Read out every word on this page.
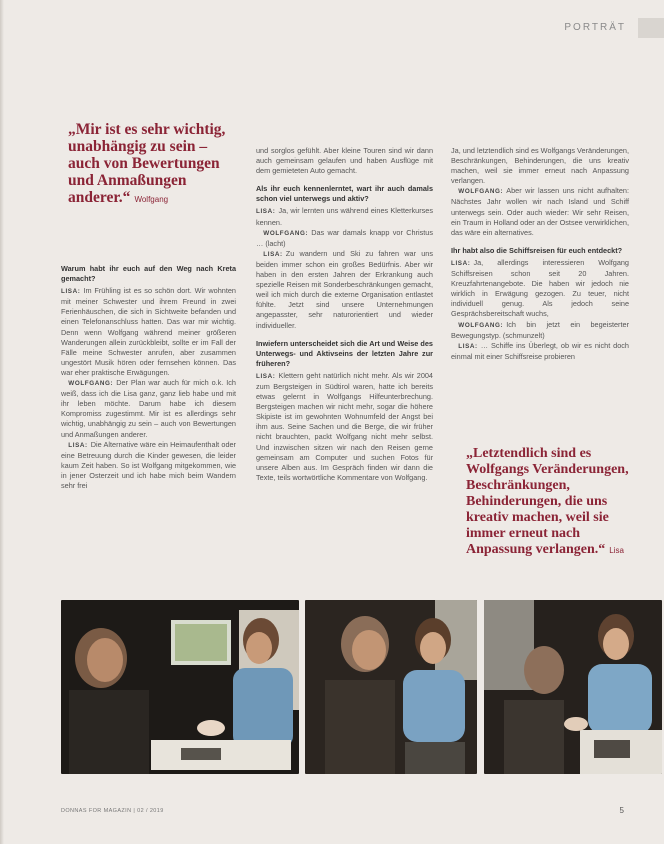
PORTRÄT
„Mir ist es sehr wichtig, unabhängig zu sein – auch von Bewertungen und Anmaßungen anderer.“ Wolfgang
Warum habt ihr euch auf den Weg nach Kreta gemacht?

LISA: Im Frühling ist es so schön dort. Wir wohnten mit meiner Schwester und ihrem Freund in zwei Ferienhäuschen, die sich in Sichtweite befanden und einen Telefonanschluss hatten. Das war mir wichtig. Denn wenn Wolfgang während meiner größeren Wanderungen allein zurückbleibt, sollte er im Fall der Fälle meine Schwester anrufen, aber zusammen ungestört Musik hören oder fernsehen können. Das war eher praktische Erwägungen.

 WOLFGANG: Der Plan war auch für mich o.k. Ich weiß, dass ich die Lisa ganz, ganz lieb habe und mit ihr leben möchte. Darum habe ich diesem Kompromiss zugestimmt. Mir ist es allerdings sehr wichtig, unabhängig zu sein – auch von Bewertungen und Anmaßungen anderer.

 LISA: Die Alternative wäre ein Heimaufenthalt oder eine Betreuung durch die Kinder gewesen, die leider kaum Zeit haben. So ist Wolfgang mitgekommen, wie in jener Osterzeit und ich habe mich beim Wandern sehr frei

und sorglos gefühlt. Aber kleine Touren sind wir dann auch gemeinsam gelaufen und haben Ausflüge mit dem gemieteten Auto gemacht.

Als ihr euch kennenlerntet, wart ihr auch damals schon viel unterwegs und aktiv?

LISA: Ja, wir lernten uns während eines Kletterkurses kennen.

 WOLFGANG: Das war damals knapp vor Christus … (lacht)

 LISA: Zu wandern und Ski zu fahren war uns beiden immer schon ein großes Bedürfnis. Aber wir haben in den ersten Jahren der Erkrankung auch spezielle Reisen mit Sonderbeschränkungen gemacht, weil ich mich durch die externe Organisation entlastet fühlte. Jetzt sind unsere Unternehmungen angepasster, sehr naturorientiert und wieder individueller.

Inwiefern unterscheidet sich die Art und Weise des Unterwegs- und Aktivseins der letzten Jahre zur früheren?

LISA: Klettern geht natürlich nicht mehr. Als wir 2004 zum Bergsteigen in Südtirol waren, hatte ich bereits etwas gelernt in Wolfgangs Hilfeunterbrechung. Bergsteigen machen wir nicht mehr, sogar die höhere Skipiste ist im gewohnten Wohnumfeld der Angst bei ihm aus. Seine Sachen und die Berge, die wir früher nicht brauchten, packt Wolfgang nicht mehr selbst. Und inzwischen sitzen wir nach den Reisen gerne gemeinsam am Computer und suchen Fotos für unsere Alben aus. Im Gespräch finden wir dann die Texte, teils wortwörtliche Kommentare von Wolfgang.

Ja, und letztendlich sind es Wolfgangs Veränderungen, Beschränkungen, Behinderungen, die uns kreativ machen, weil sie immer erneut nach Anpassung verlangen.

 WOLFGANG: Aber wir lassen uns nicht aufhalten: Nächstes Jahr wollen wir nach Island und Schiff unterwegs sein. Oder auch wieder: Wir sehr Reisen, ein Traum in Holland oder an der Ostsee verwirklichen, das wäre ein alternatives.

Ihr habt also die Schiffsreisen für euch entdeckt?

LISA: Ja, allerdings interessieren Wolfgang Schiffsreisen schon seit 20 Jahren. Kreuzfahrtenangebote. Die haben wir jedoch nie wirklich in Erwägung gezogen. Zu teuer, nicht individuell genug. Als jedoch seine Gesprächsbereitschaft wuchs,

 WOLFGANG: Ich bin jetzt ein begeisterter Bewegungstyp. (schmunzelt)

 LISA: … Schiffe ins Überlegt, ob wir es nicht doch einmal mit einer Schiffsreise probieren

„Letztendlich sind es Wolfgangs Veränderungen, Beschränkungen, Behinderungen, die uns kreativ machen, weil sie immer erneut nach Anpassung verlangen.“ Lisa
DONNAS FOR MAGAZIN | 02 / 2019	5
